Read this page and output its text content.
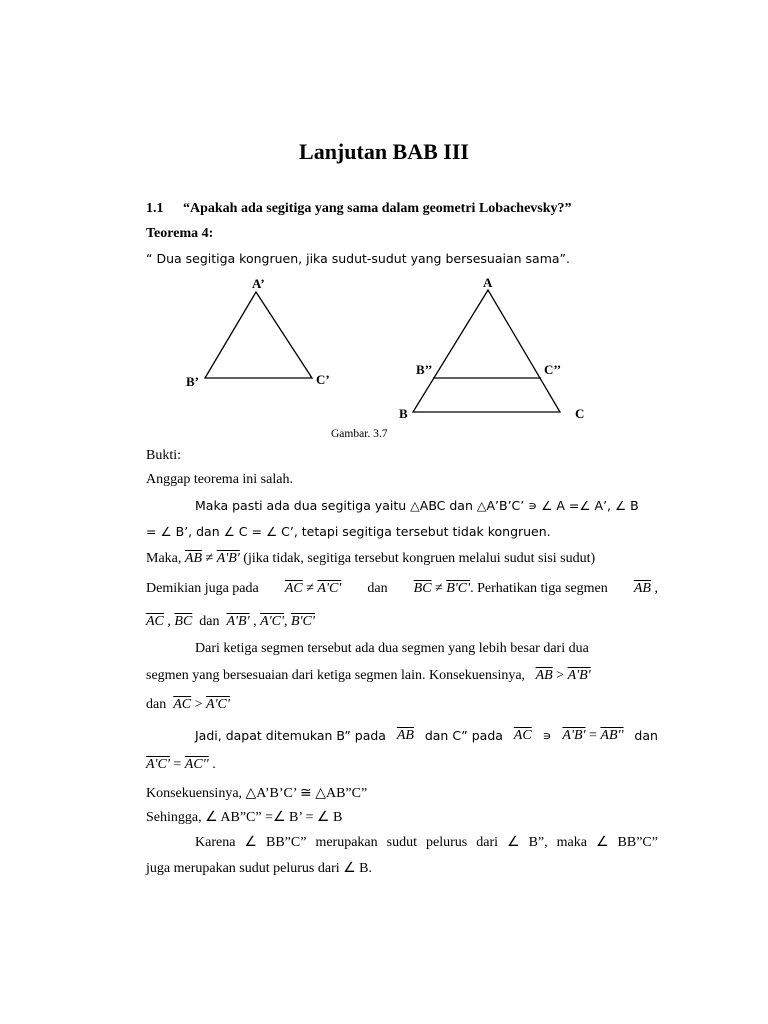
Lanjutan BAB III
1.1 “Apakah ada segitiga yang sama dalam geometri Lobachevsky?”
Teorema 4:
“ Dua segitiga kongruen, jika sudut-sudut yang bersesuaian sama”.
A’
B’	C’
A
B’’	C’’
B	C
Gambar. 3.7
Bukti:
Anggap teorema ini salah.
Maka pasti ada dua segitiga yaitu △ABC dan △A’B’C’ ∍ ∠ A =∠ A’, ∠ B
= ∠ B’, dan ∠ C = ∠ C’, tetapi segitiga tersebut tidak kongruen.
Maka, $\overline{AB} \ne A'B'$ (jika tidak, segitiga tersebut kongruen melalui sudut sisi sudut)
Demikian juga pada $\overline{AC} \ne A'C'$ dan $\overline{BC} \ne B'C'$. Perhatikan tiga segmen $\overline{AB}$ ,
$\overline{AC}$ , $\overline{BC}$ dan A'B' , A'C', B'C'
Dari ketiga segmen tersebut ada dua segmen yang lebih besar dari dua
segmen yang bersesuaian dari ketiga segmen lain. Konsekuensinya, $\overline{AB} > A'B'$
dan $\overline{AC} > A'C'$
Jadi, dapat ditemukan B” pada $\overline{AB}$ dan C” pada $\overline{AC}$ ∍ A'B' = AB'' dan
A'C' = AC'' .
Konsekuensinya, △A’B’C’ ≅ △AB”C”
Sehingga, ∠ AB”C” =∠ B’ = ∠ B
Karena ∠ BB”C” merupakan sudut pelurus dari ∠ B”, maka ∠ BB”C”
juga merupakan sudut pelurus dari ∠ B.
